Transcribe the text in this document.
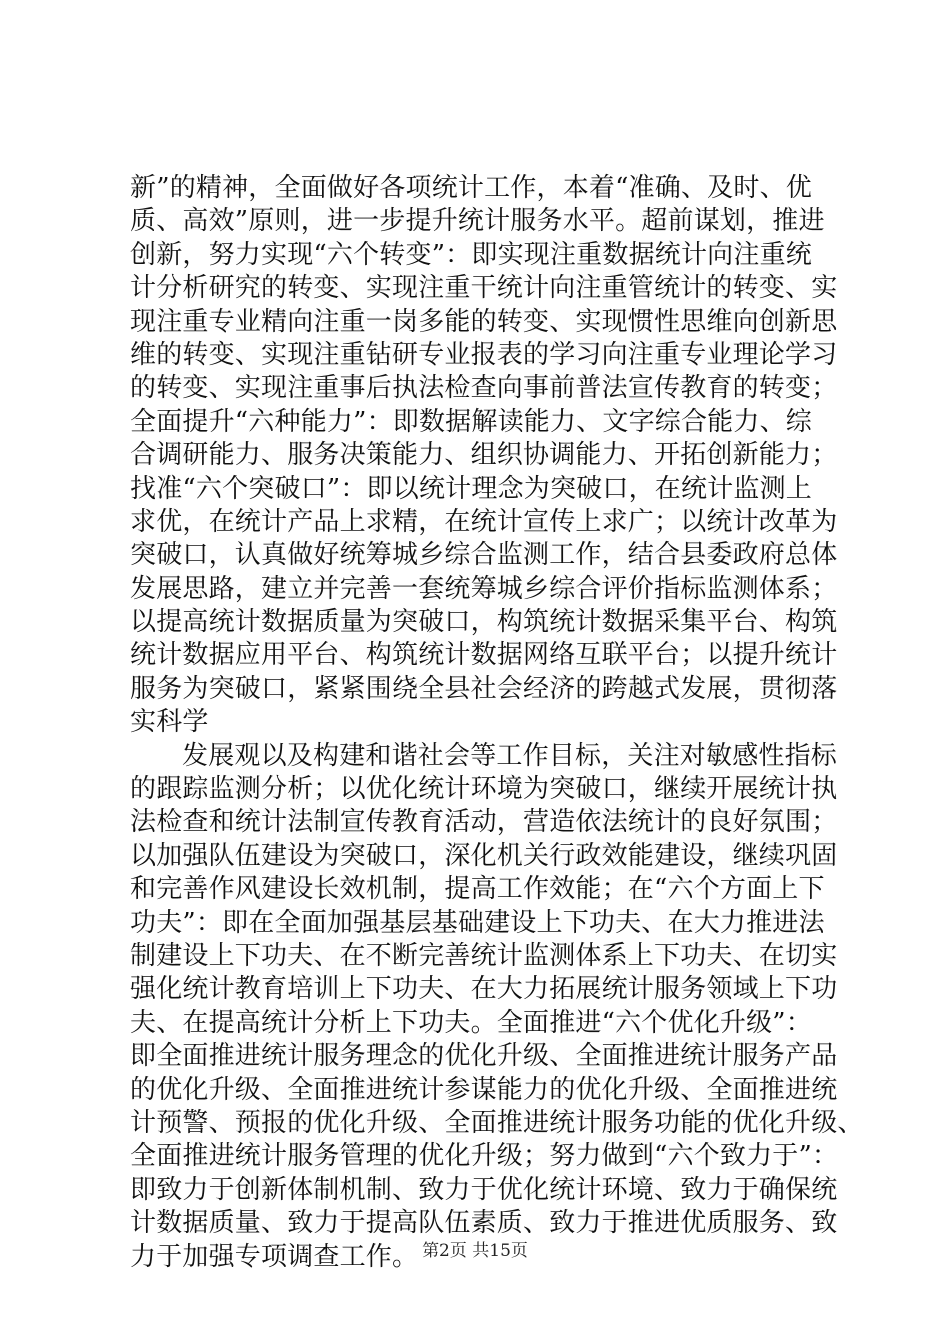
新”的精神，全面做好各项统计工作，本着“准确、及时、优
质、高效”原则，进一步提升统计服务水平。超前谋划，推进
创新，努力实现“六个转变”：即实现注重数据统计向注重统
计分析研究的转变、实现注重干统计向注重管统计的转变、实
现注重专业精向注重一岗多能的转变、实现惯性思维向创新思
维的转变、实现注重钻研专业报表的学习向注重专业理论学习
的转变、实现注重事后执法检查向事前普法宣传教育的转变；
全面提升“六种能力”：即数据解读能力、文字综合能力、综
合调研能力、服务决策能力、组织协调能力、开拓创新能力；
找准“六个突破口”：即以统计理念为突破口，在统计监测上
求优，在统计产品上求精，在统计宣传上求广；以统计改革为
突破口，认真做好统筹城乡综合监测工作，结合县委政府总体
发展思路，建立并完善一套统筹城乡综合评价指标监测体系；
以提高统计数据质量为突破口，构筑统计数据采集平台、构筑
统计数据应用平台、构筑统计数据网络互联平台；以提升统计
服务为突破口，紧紧围绕全县社会经济的跨越式发展，贯彻落
实科学
发展观以及构建和谐社会等工作目标，关注对敏感性指标
的跟踪监测分析；以优化统计环境为突破口，继续开展统计执
法检查和统计法制宣传教育活动，营造依法统计的良好氛围；
以加强队伍建设为突破口，深化机关行政效能建设，继续巩固
和完善作风建设长效机制，提高工作效能；在“六个方面上下
功夫”：即在全面加强基层基础建设上下功夫、在大力推进法
制建设上下功夫、在不断完善统计监测体系上下功夫、在切实
强化统计教育培训上下功夫、在大力拓展统计服务领域上下功
夫、在提高统计分析上下功夫。全面推进“六个优化升级”：
即全面推进统计服务理念的优化升级、全面推进统计服务产品
的优化升级、全面推进统计参谋能力的优化升级、全面推进统
计预警、预报的优化升级、全面推进统计服务功能的优化升级、
全面推进统计服务管理的优化升级；努力做到“六个致力于”：
即致力于创新体制机制、致力于优化统计环境、致力于确保统
计数据质量、致力于提高队伍素质、致力于推进优质服务、致
力于加强专项调查工作。 第2页 共15页
